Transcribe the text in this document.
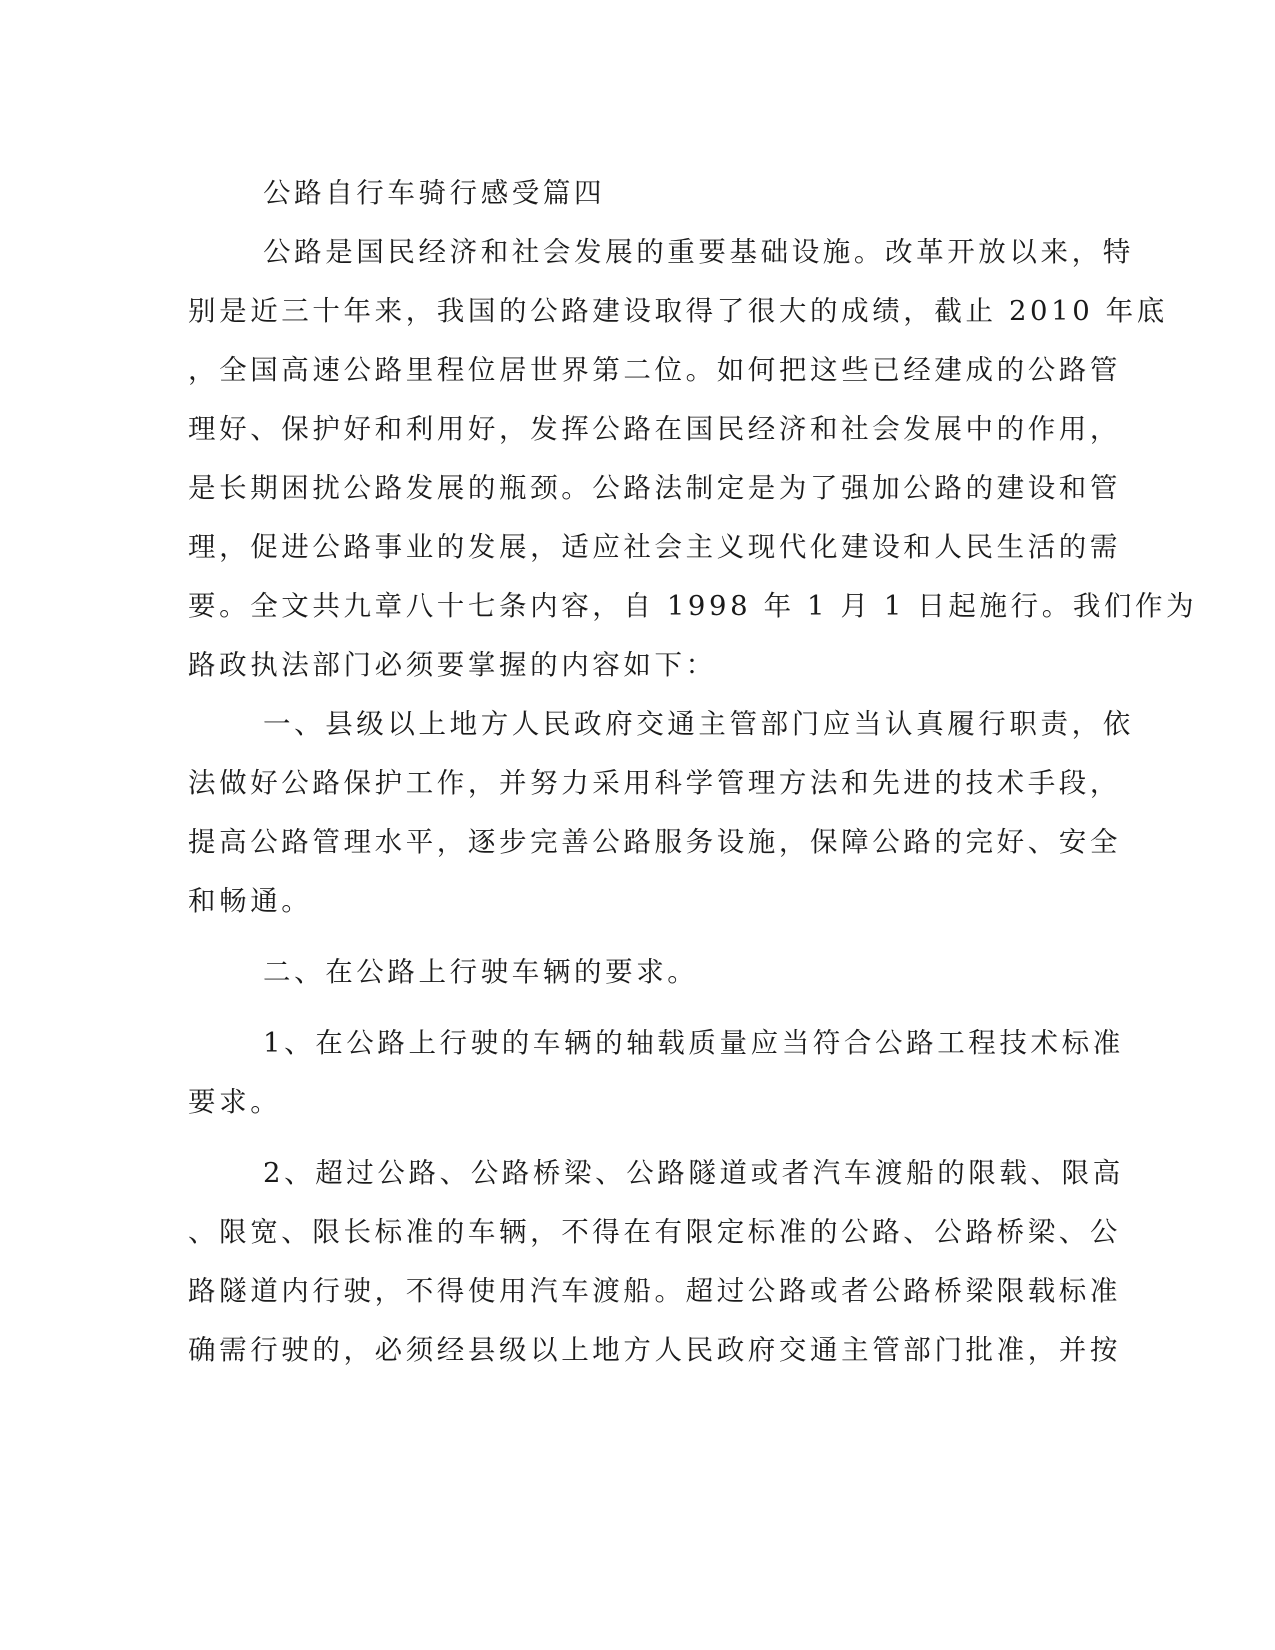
公路自行车骑行感受篇四
公路是国民经济和社会发展的重要基础设施。改革开放以来，特
别是近三十年来，我国的公路建设取得了很大的成绩，截止 2010 年底
，全国高速公路里程位居世界第二位。如何把这些已经建成的公路管
理好、保护好和利用好，发挥公路在国民经济和社会发展中的作用，
是长期困扰公路发展的瓶颈。公路法制定是为了强加公路的建设和管
理，促进公路事业的发展，适应社会主义现代化建设和人民生活的需
要。全文共九章八十七条内容，自 1998 年 1 月 1 日起施行。我们作为
路政执法部门必须要掌握的内容如下：
一、县级以上地方人民政府交通主管部门应当认真履行职责，依
法做好公路保护工作，并努力采用科学管理方法和先进的技术手段，
提高公路管理水平，逐步完善公路服务设施，保障公路的完好、安全
和畅通。
二、在公路上行驶车辆的要求。
1、在公路上行驶的车辆的轴载质量应当符合公路工程技术标准
要求。
2、超过公路、公路桥梁、公路隧道或者汽车渡船的限载、限高
、限宽、限长标准的车辆，不得在有限定标准的公路、公路桥梁、公
路隧道内行驶，不得使用汽车渡船。超过公路或者公路桥梁限载标准
确需行驶的，必须经县级以上地方人民政府交通主管部门批准，并按
